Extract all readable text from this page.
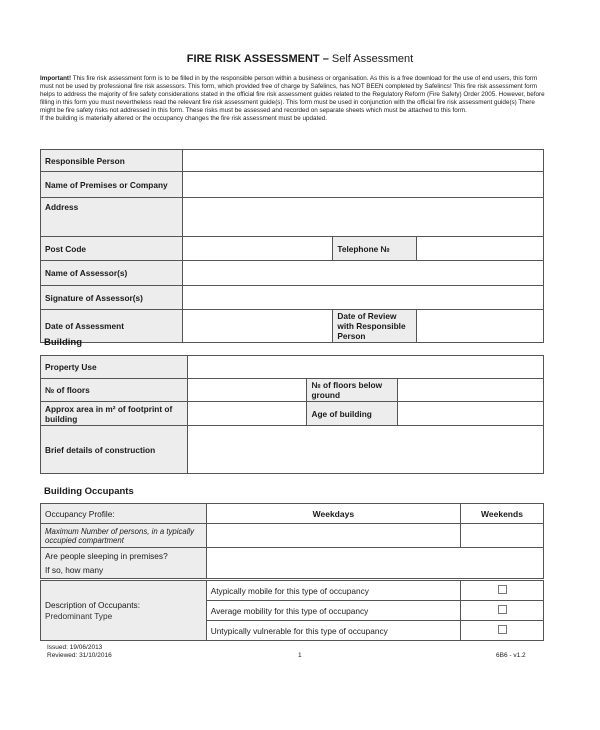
FIRE RISK ASSESSMENT – Self Assessment

Important! This fire risk assessment form is to be filled in by the responsible person within a business or organisation. As this is a free download for the use of end users, this form must not be used by professional fire risk assessors. This form, which provided free of charge by Safelincs, has NOT BEEN completed by Safelincs! This fire risk assessment form helps to address the majority of fire safety considerations stated in the official fire risk assessment guides related to the Regulatory Reform (Fire Safety) Order 2005. However, before filling in this form you must nevertheless read the relevant fire risk assessment guide(s). This form must be used in conjunction with the official fire risk assessment guide(s) There might be fire safety risks not addressed in this form. These risks must be assessed and recorded on separate sheets which must be attached to this form.

If the building is materially altered or the occupancy changes the fire risk assessment must be updated.

Responsible Person			
Name of Premises or Company			
Address			
Post Code		Telephone №	
Name of Assessor(s)			
Signature of Assessor(s)			
Date of Assessment		Date of Review with Responsible Person	
Building
Property Use			
№ of floors		№ of floors below ground	
Approx area in m² of footprint of building		Age of building	
Brief details of construction			
Building Occupants
Occupancy Profile:	Weekdays	Weekends
Maximum Number of persons, in a typically occupied compartment		

Are people sleeping in premises?
If so, how many		

Description of Occupants:
Predominant Type	Atypically mobile for this type of occupancy	
	Average mobility for this type of occupancy	
	Untypically vulnerable for this type of occupancy	
Issued: 19/06/2013
Reviewed: 31/10/2016	1	6B6 - v1.2
